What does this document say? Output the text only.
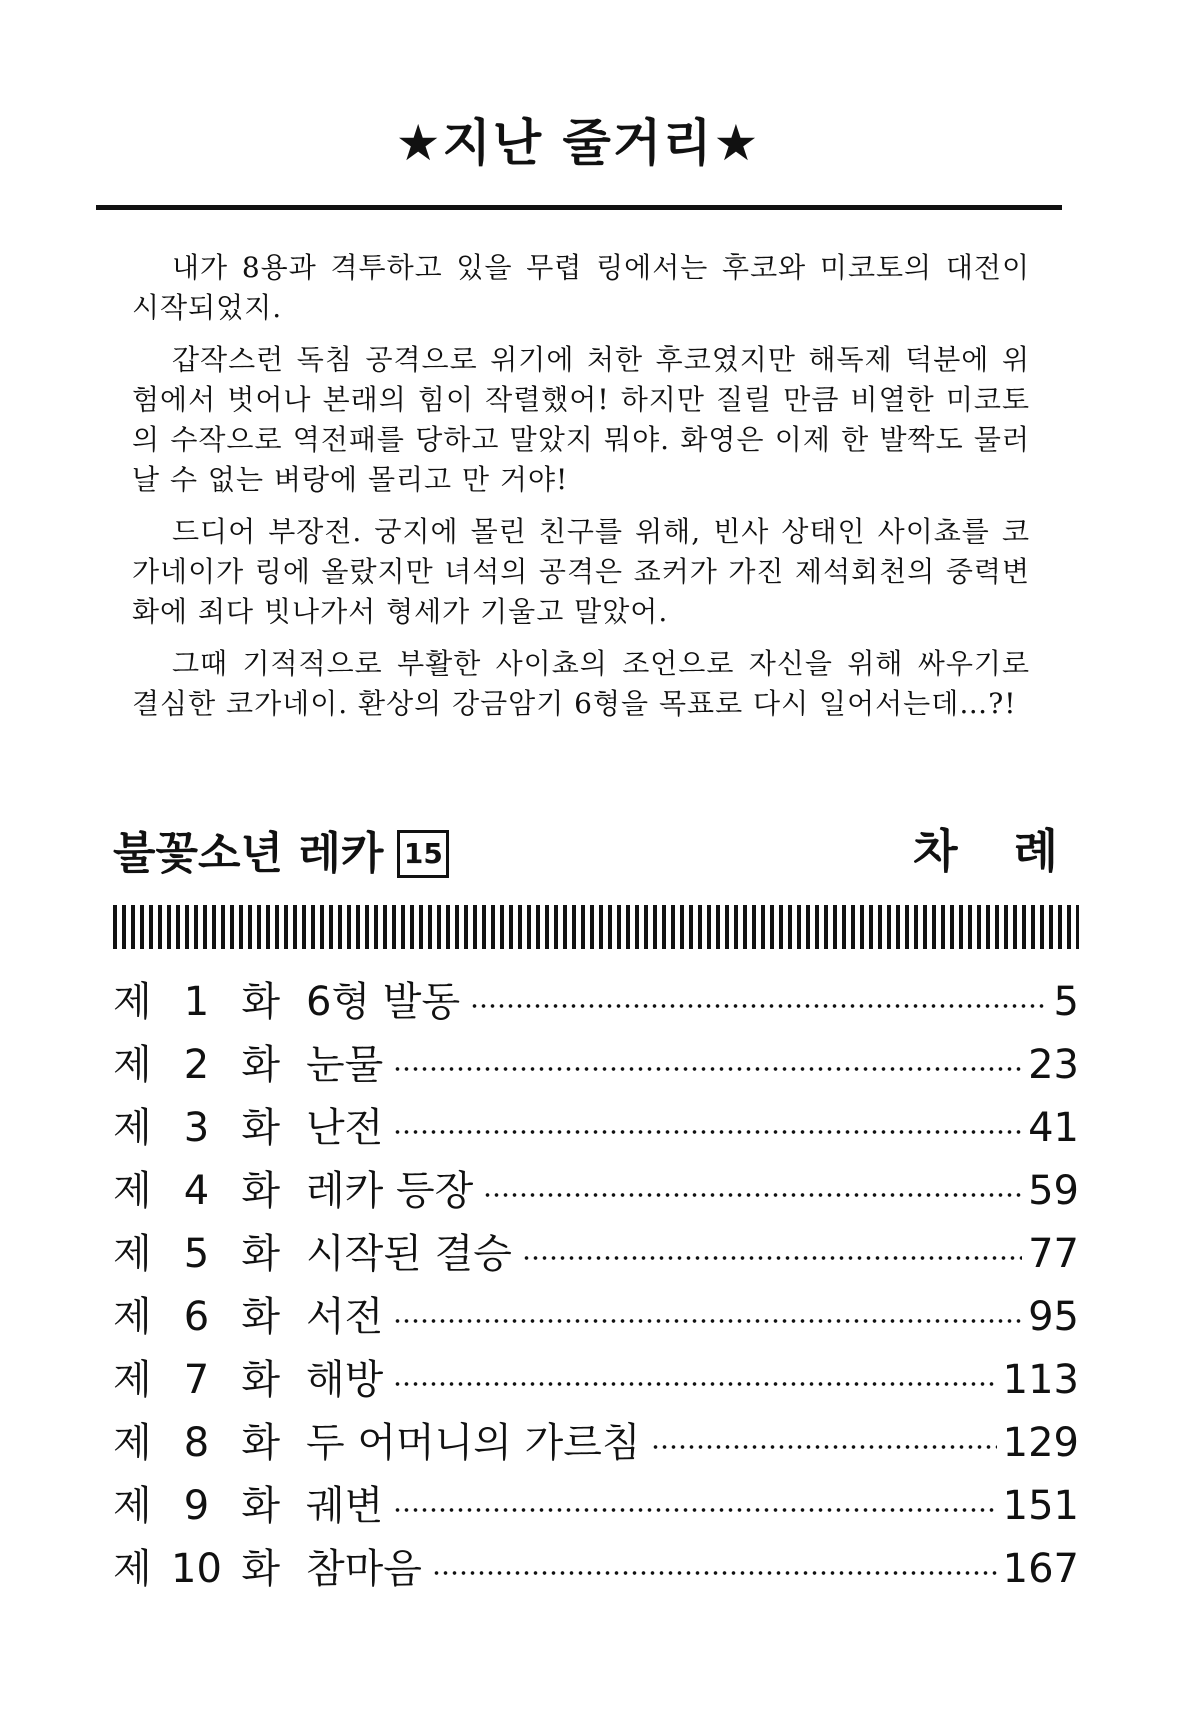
★지난 줄거리★

내가 8용과 격투하고 있을 무렵 링에서는 후코와 미코토의 대전이 시작되었지.

갑작스런 독침 공격으로 위기에 처한 후코였지만 해독제 덕분에 위험에서 벗어나 본래의 힘이 작렬했어! 하지만 질릴 만큼 비열한 미코토의 수작으로 역전패를 당하고 말았지 뭐야. 화영은 이제 한 발짝도 물러날 수 없는 벼랑에 몰리고 만 거야!

드디어 부장전. 궁지에 몰린 친구를 위해, 빈사 상태인 사이쵸를 코가네이가 링에 올랐지만 녀석의 공격은 죠커가 가진 제석회천의 중력변화에 죄다 빗나가서 형세가 기울고 말았어.

그때 기적적으로 부활한 사이쵸의 조언으로 자신을 위해 싸우기로 결심한 코가네이. 환상의 강금암기 6형을 목표로 다시 일어서는데…?!

불꽃소년 레카 15	차 례
제 1 화 6형 발동	5
제 2 화 눈물	23
제 3 화 난전	41
제 4 화 레카 등장	59
제 5 화 시작된 결승	77
제 6 화 서전	95
제 7 화 해방	113
제 8 화 두 어머니의 가르침	129
제 9 화 궤변	151
제 10 화 참마음	167
